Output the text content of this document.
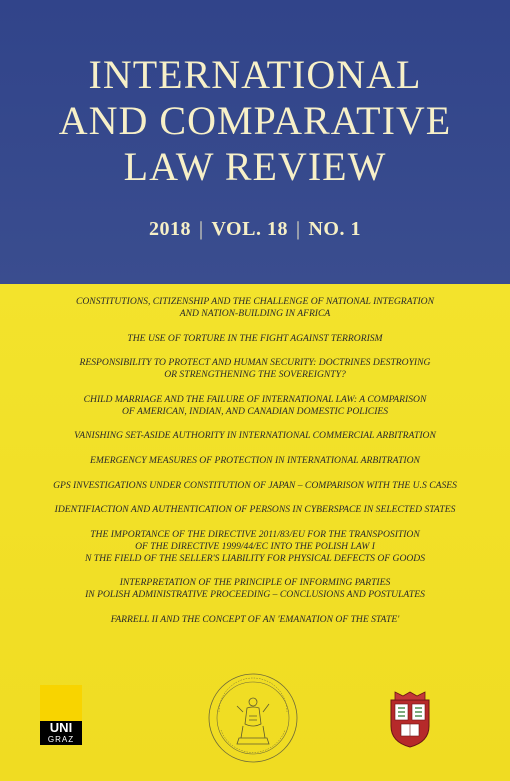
INTERNATIONAL
AND COMPARATIVE
LAW REVIEW
2018 | VOL. 18 | NO. 1
CONSTITUTIONS, CITIZENSHIP AND THE CHALLENGE OF NATIONAL INTEGRATION
AND NATION-BUILDING IN AFRICA
THE USE OF TORTURE IN THE FIGHT AGAINST TERRORISM
RESPONSIBILITY TO PROTECT AND HUMAN SECURITY: DOCTRINES DESTROYING
OR STRENGTHENING THE SOVEREIGNTY?
CHILD MARRIAGE AND THE FAILURE OF INTERNATIONAL LAW: A COMPARISON
OF AMERICAN, INDIAN, AND CANADIAN DOMESTIC POLICIES
VANISHING SET-ASIDE AUTHORITY IN INTERNATIONAL COMMERCIAL ARBITRATION
EMERGENCY MEASURES OF PROTECTION IN INTERNATIONAL ARBITRATION
GPS INVESTIGATIONS UNDER CONSTITUTION OF JAPAN – COMPARISON WITH THE U.S CASES
IDENTIFIACTION AND AUTHENTICATION OF PERSONS IN CYBERSPACE IN SELECTED STATES
THE IMPORTANCE OF THE DIRECTIVE 2011/83/EU FOR THE TRANSPOSITION
OF THE DIRECTIVE 1999/44/EC INTO THE POLISH LAW I
N THE FIELD OF THE SELLER'S LIABILITY FOR PHYSICAL DEFECTS OF GOODS
INTERPRETATION OF THE PRINCIPLE OF INFORMING PARTIES
IN POLISH ADMINISTRATIVE PROCEEDING – CONCLUSIONS AND POSTULATES
FARRELL II AND THE CONCEPT OF AN 'EMANATION OF THE STATE'
UNI
GRAZ
